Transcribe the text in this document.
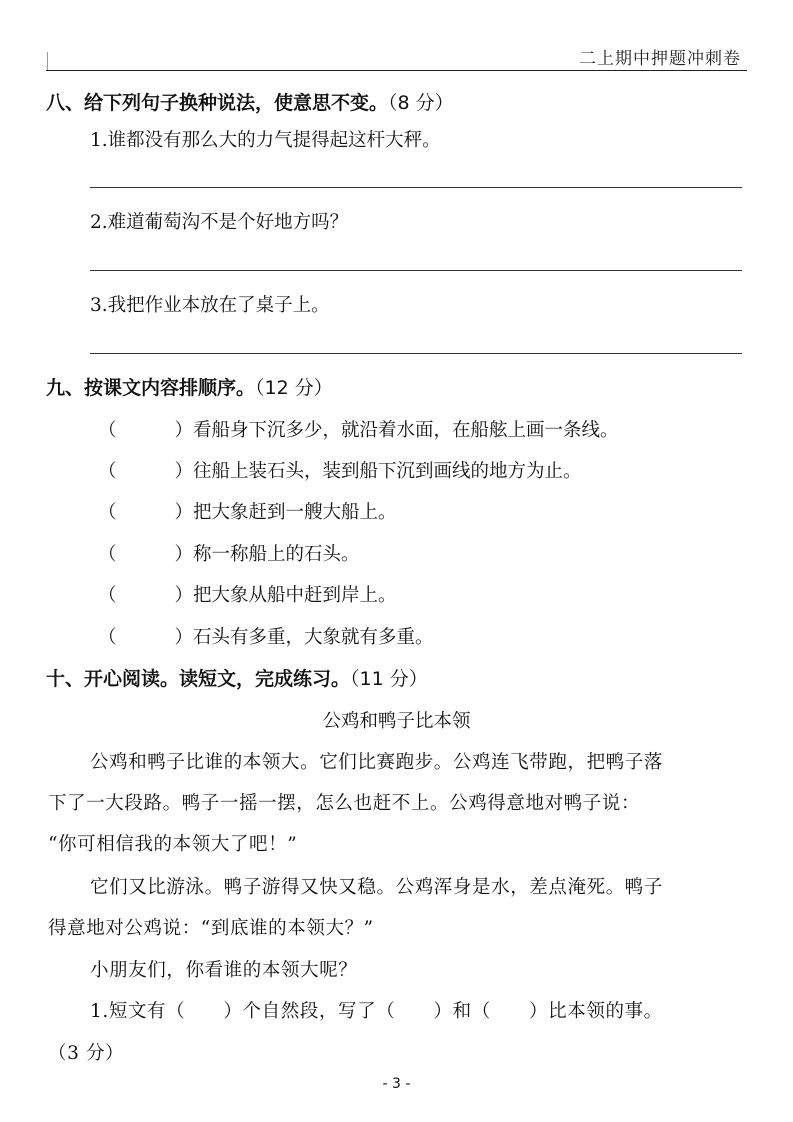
二上期中押题冲刺卷
八、给下列句子换种说法，使意思不变。（8 分）
1.谁都没有那么大的力气提得起这杆大秤。
2.难道葡萄沟不是个好地方吗？
3.我把作业本放在了桌子上。
九、按课文内容排顺序。（12 分）
（	）看船身下沉多少，就沿着水面，在船舷上画一条线。
（	）往船上装石头，装到船下沉到画线的地方为止。
（	）把大象赶到一艘大船上。
（	）称一称船上的石头。
（	）把大象从船中赶到岸上。
（	）石头有多重，大象就有多重。
十、开心阅读。读短文，完成练习。（11 分）
公鸡和鸭子比本领
公鸡和鸭子比谁的本领大。它们比赛跑步。公鸡连飞带跑，把鸭子落
下了一大段路。鸭子一摇一摆，怎么也赶不上。公鸡得意地对鸭子说：
“你可相信我的本领大了吧！”
它们又比游泳。鸭子游得又快又稳。公鸡浑身是水，差点淹死。鸭子
得意地对公鸡说：“到底谁的本领大？”
小朋友们，你看谁的本领大呢？
1.短文有（　　）个自然段，写了（　　）和（　　）比本领的事。
（3 分）
- 3 -
